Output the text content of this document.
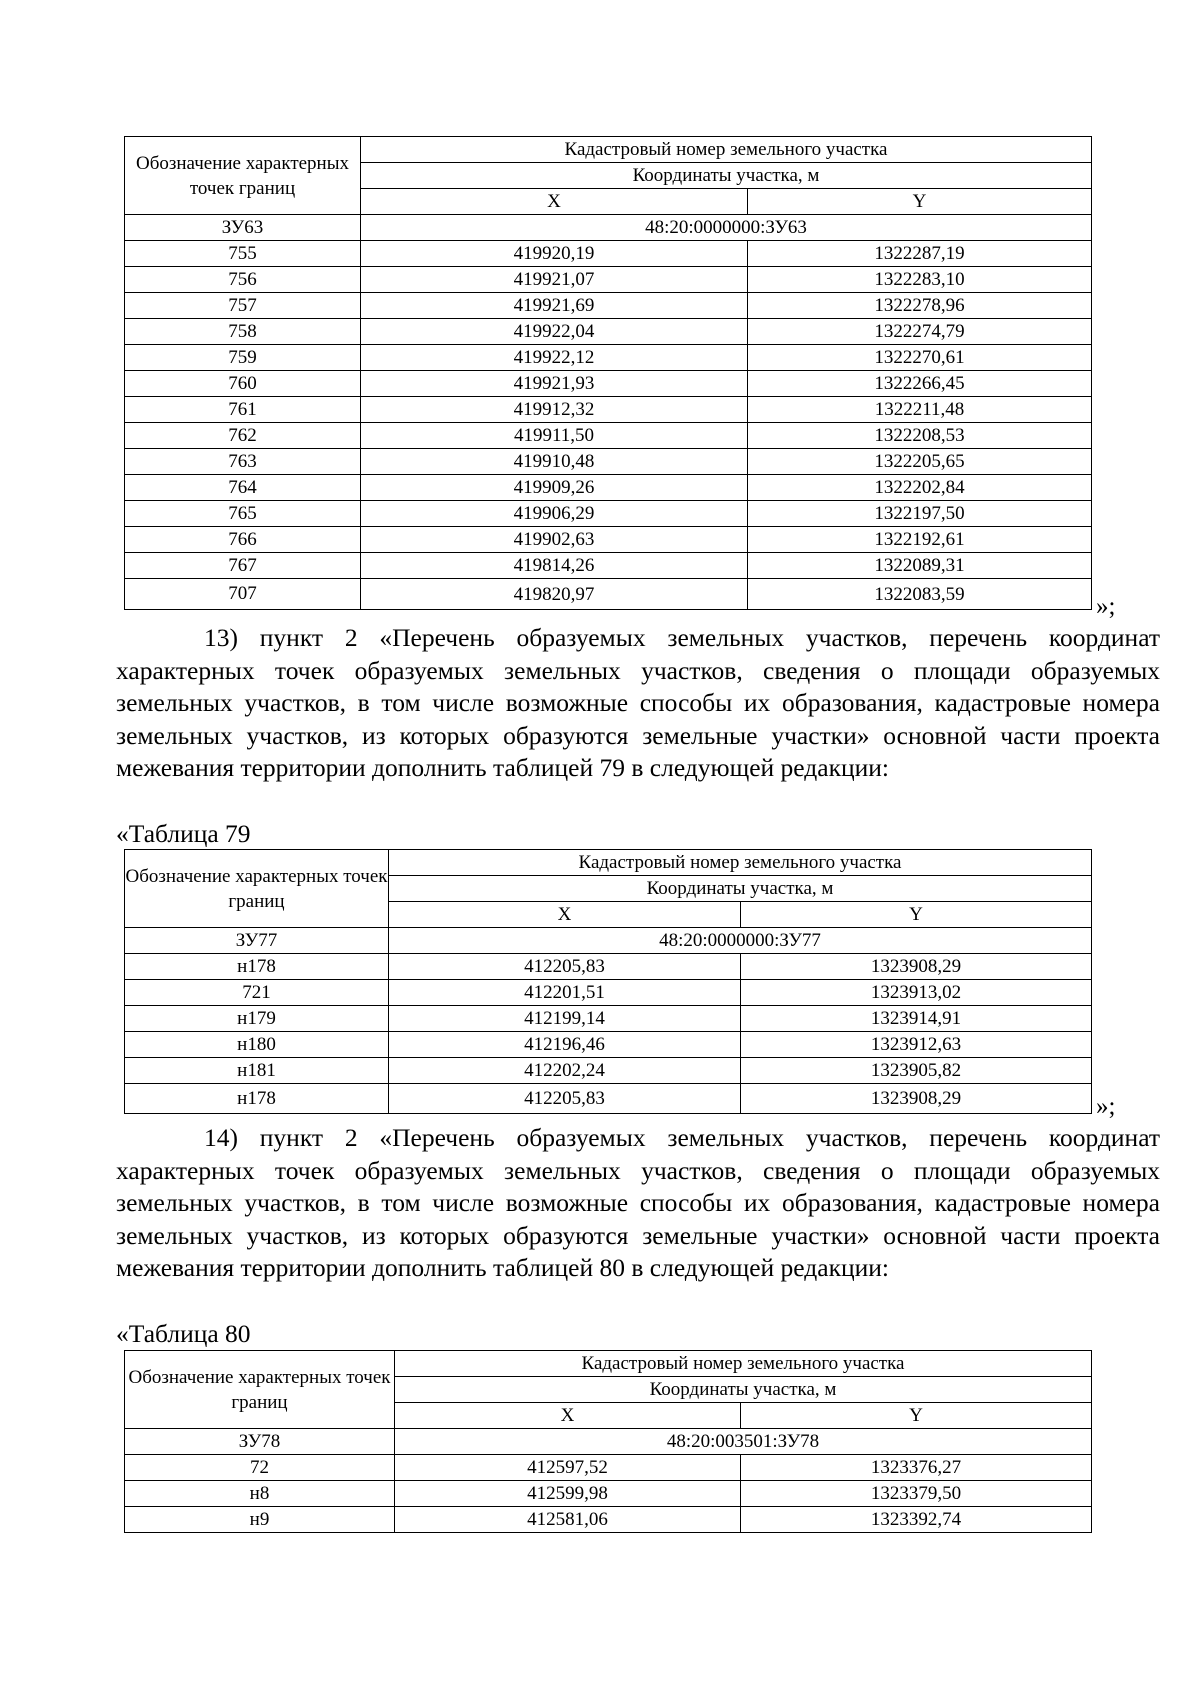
Обозначение характерных точек границ	Кадастровый номер земельного участка	
	Координаты участка, м	
	X	Y
ЗУ63	48:20:0000000:ЗУ63	
755	419920,19	1322287,19
756	419921,07	1322283,10
757	419921,69	1322278,96
758	419922,04	1322274,79
759	419922,12	1322270,61
760	419921,93	1322266,45
761	419912,32	1322211,48
762	419911,50	1322208,53
763	419910,48	1322205,65
764	419909,26	1322202,84
765	419906,29	1322197,50
766	419902,63	1322192,61
767	419814,26	1322089,31
707	419820,97	1322083,59	»;

13) пункт 2 «Перечень образуемых земельных участков, перечень координат характерных точек образуемых земельных участков, сведения о площади образуемых земельных участков, в том числе возможные способы их образования, кадастровые номера земельных участков, из которых образуются земельные участки» основной части проекта межевания территории дополнить таблицей 79 в следующей редакции:

«Таблица 79
Обозначение характерных точек границ	Кадастровый номер земельного участка	
	Координаты участка, м	
	X	Y
ЗУ77	48:20:0000000:ЗУ77	
н178	412205,83	1323908,29
721	412201,51	1323913,02
н179	412199,14	1323914,91
н180	412196,46	1323912,63
н181	412202,24	1323905,82
н178	412205,83	1323908,29	»;

14) пункт 2 «Перечень образуемых земельных участков, перечень координат характерных точек образуемых земельных участков, сведения о площади образуемых земельных участков, в том числе возможные способы их образования, кадастровые номера земельных участков, из которых образуются земельные участки» основной части проекта межевания территории дополнить таблицей 80 в следующей редакции:

«Таблица 80
Обозначение характерных точек границ	Кадастровый номер земельного участка	
	Координаты участка, м	
	X	Y
ЗУ78	48:20:003501:ЗУ78	
72	412597,52	1323376,27
н8	412599,98	1323379,50
н9	412581,06	1323392,74
